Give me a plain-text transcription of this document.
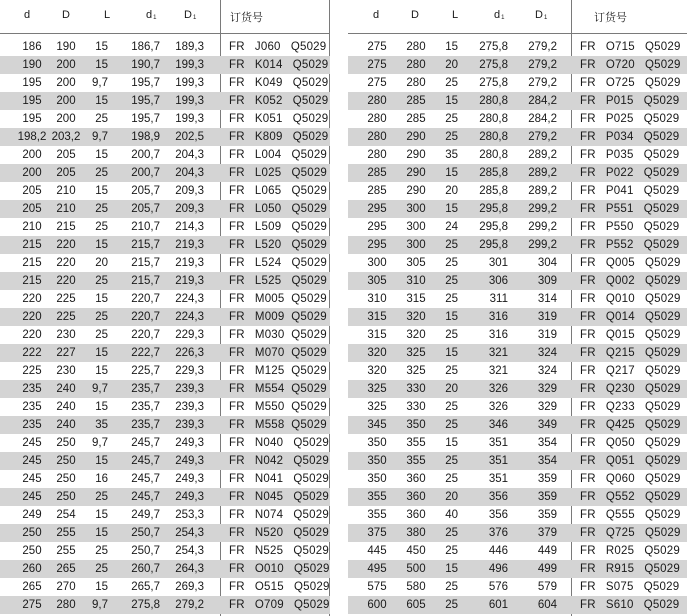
d	D	L	d1	D1	订货号
186 190 15 186,7 189,3 FR   J060   Q5029
190 200 15 190,7 199,3 FR   K014   Q5029
195 200 9,7 195,7 199,3 FR   K049   Q5029
195 200 15 195,7 199,3 FR   K052   Q5029
195 200 25 195,7 199,3 FR   K051   Q5029
198,2 203,2 9,7 198,9 202,5 FR   K809   Q5029
200 205 15 200,7 204,3 FR   L004   Q5029
200 205 25 200,7 204,3 FR   L025   Q5029
205 210 15 205,7 209,3 FR   L065   Q5029
205 210 25 205,7 209,3 FR   L050   Q5029
210 215 25 210,7 214,3 FR   L509   Q5029
215 220 15 215,7 219,3 FR   L520   Q5029
215 220 20 215,7 219,3 FR   L524   Q5029
215 220 25 215,7 219,3 FR   L525   Q5029
220 225 15 220,7 224,3 FR   M005  Q5029
220 225 25 220,7 224,3 FR   M009  Q5029
220 230 25 220,7 229,3 FR   M030  Q5029
222 227 15 222,7 226,3 FR   M070  Q5029
225 230 15 225,7 229,3 FR   M125  Q5029
235 240 9,7 235,7 239,3 FR   M554  Q5029
235 240 15 235,7 239,3 FR   M550  Q5029
235 240 35 235,7 239,3 FR   M558  Q5029
245 250 9,7 245,7 249,3 FR   N040   Q5029
245 250 15 245,7 249,3 FR   N042   Q5029
245 250 16 245,7 249,3 FR   N041   Q5029
245 250 25 245,7 249,3 FR   N045   Q5029
249 254 15 249,7 253,3 FR   N074   Q5029
250 255 15 250,7 254,3 FR   N520   Q5029
250 255 25 250,7 254,3 FR   N525   Q5029
260 265 25 260,7 264,3 FR   O010   Q5029
265 270 15 265,7 269,3 FR   O515   Q5029
275 280 9,7 275,8 279,2 FR   O709   Q5029
d	D	L	d1	D1	订货号
275 280 15 275,8 279,2 FR   O715   Q5029
275 280 20 275,8 279,2 FR   O720   Q5029
275 280 25 275,8 279,2 FR   O725   Q5029
280 285 15 280,8 284,2 FR   P015   Q5029
280 285 25 280,8 284,2 FR   P025   Q5029
280 290 25 280,8 279,2 FR   P034   Q5029
280 290 35 280,8 289,2 FR   P035   Q5029
285 290 15 285,8 289,2 FR   P022   Q5029
285 290 20 285,8 289,2 FR   P041   Q5029
295 300 15 295,8 299,2 FR   P551   Q5029
295 300 24 295,8 299,2 FR   P550   Q5029
295 300 25 295,8 299,2 FR   P552   Q5029
300 305 25	301	304 FR   Q005   Q5029
305 310 25	306	309 FR   Q002   Q5029
310 315 25	311	314 FR   Q010   Q5029
315 320 15	316	319 FR   Q014   Q5029
315 320 25	316	319 FR   Q015   Q5029
320 325 15	321	324 FR   Q215   Q5029
320 325 25	321	324 FR   Q217   Q5029
325 330 20	326	329 FR   Q230   Q5029
325 330 25	326	329 FR   Q233   Q5029
345 350 25	346	349 FR   Q425   Q5029
350 355 15	351	354 FR   Q050   Q5029
350 355 25	351	354 FR   Q051   Q5029
350 360 25	351	359 FR   Q060   Q5029
355 360 20	356	359 FR   Q552   Q5029
355 360 40	356	359 FR   Q555   Q5029
375 380 25	376	379 FR   Q725   Q5029
445 450 25	446	449 FR   R025   Q5029
495 500 15	496	499 FR   R915   Q5029
575 580 25	576	579 FR   S075   Q5029
600 605 25	601	604 FR   S610   Q5029
